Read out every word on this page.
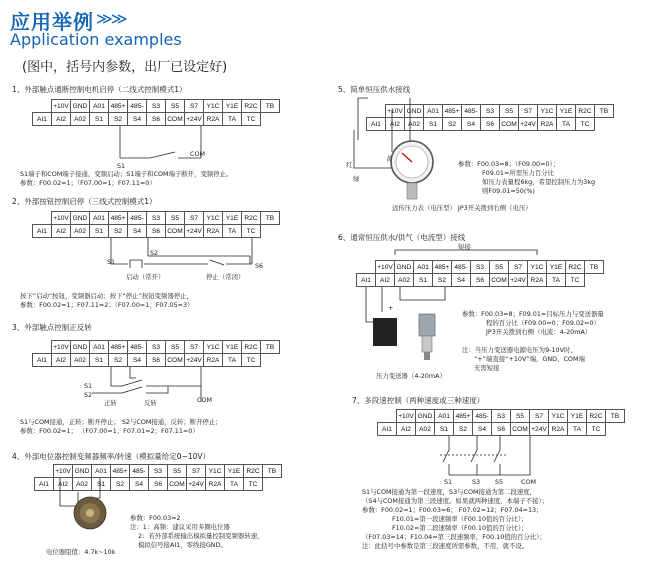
应用举例 ≫≫
Application examples
(图中，括号内参数，出厂已设定好)
1、外部触点通断控制电机启停（二线式控制模式1）
2、外部按钮控制启停（三线式控制模式1）
3、外部触点控制正反转
4、外部电位器控制变频器频率/转速（模拟量给定0~10V）
5、简单恒压供水接线
6、通常恒压供水/供气（电流型）接线
7、多段速控制（两种速度或三种速度）
	+10V	GND	A01	485+	485-	S3	S5	S7	Y1C	Y1E	R2C	TB
AI1	AI2	A02	S1	S2	S4	S6	COM	+24V	R2A	TA	TC	
	+10V	GND	A01	485+	485-	S3	S5	S7	Y1C	Y1E	R2C	TB
AI1	AI2	A02	S1	S2	S4	S6	COM	+24V	R2A	TA	TC	
	+10V	GND	A01	485+	485-	S3	S5	S7	Y1C	Y1E	R2C	TB
AI1	AI2	A02	S1	S2	S4	S6	COM	+24V	R2A	TA	TC	
	+10V	GND	A01	485+	485-	S3	S5	S7	Y1C	Y1E	R2C	TB
AI1	AI2	A02	S1	S2	S4	S6	COM	+24V	R2A	TA	TC	
	+10V	GND	A01	485+	485-	S3	S5	S7	Y1C	Y1E	R2C	TB
AI1	AI2	A02	S1	S2	S4	S6	COM	+24V	R2A	TA	TC	
	+10V	GND	A01	485+	485-	S3	S5	S7	Y1C	Y1E	R2C	TB
AI1	AI2	A02	S1	S2	S4	S6	COM	+24V	R2A	TA	TC	
	+10V	GND	A01	485+	485-	S3	S5	S7	Y1C	Y1E	R2C	TB
AI1	AI2	A02	S1	S2	S4	S6	COM	+24V	R2A	TA	TC	
S1
COM
S1
S2
S6
启动（常开）	停止（常闭）
S1
S2
COM
正转	反转
红
黄
绿
短接
+
S1	S3 S5	COM
S1端子和COM端子接通，变频启动；S1端子和COM端子断开，变频停止。
参数：F00.02=1；（F07.00=1；F07.11=0）
按下“启动”按钮，变频器启动；按下“停止”按钮变频器停止，
参数：F00.02=1；F07.11=2；（F07.00=1；F07.05=3）
S1与COM接通，正转；断开停止； S2与COM接通，反转；断开停止；
参数：F00.02=1； （F07.00=1；F07.01=2；F07.11=0）
参数：F00.03=2
注：1：高频：建议采用多圈电位器
2：若外部系统输出模拟量控制变频器转速，
模拟信号接AI1，零线接GND。
电位器阻值：4.7k~10k
参数：F00.03=8；（F09.00=0）；
F09.01=所需压力百分比
如压力表量程6kg，希望控制压力为3kg
则F09.01=50(%)
远传压力表（电压型） JP3开关拨到右侧（电压）
参数：F00.03=8；F09.01=目标压力与变送器量
程的百分比（F09.00=0；F09.02=0）
JP3开关拨到右侧（电流：4-20mA）
注：当压力变送器电源电压为9-10V时，
“+”端直接“+10V”端，GND、COM端
无需短接
压力变送器（4-20mA）
S1与COM接通为第一段速度，S3与COM接通为第二段速度，
（S4与COM接通为第三段速度。如果就两种速度，本端子不接）；
参数：F00.02=1；F00.03=6； F07.02=12；F07.04=13；
F10.01=第一段速频率（F00.10值的百分比）；
F10.02=第二段速频率（F00.10值的百分比）；
（F07.03=14；F10.04=第三段速频率，F00.10值的百分比）；
注：此括号中参数是第三段速度所需参数，不用，就不设。
